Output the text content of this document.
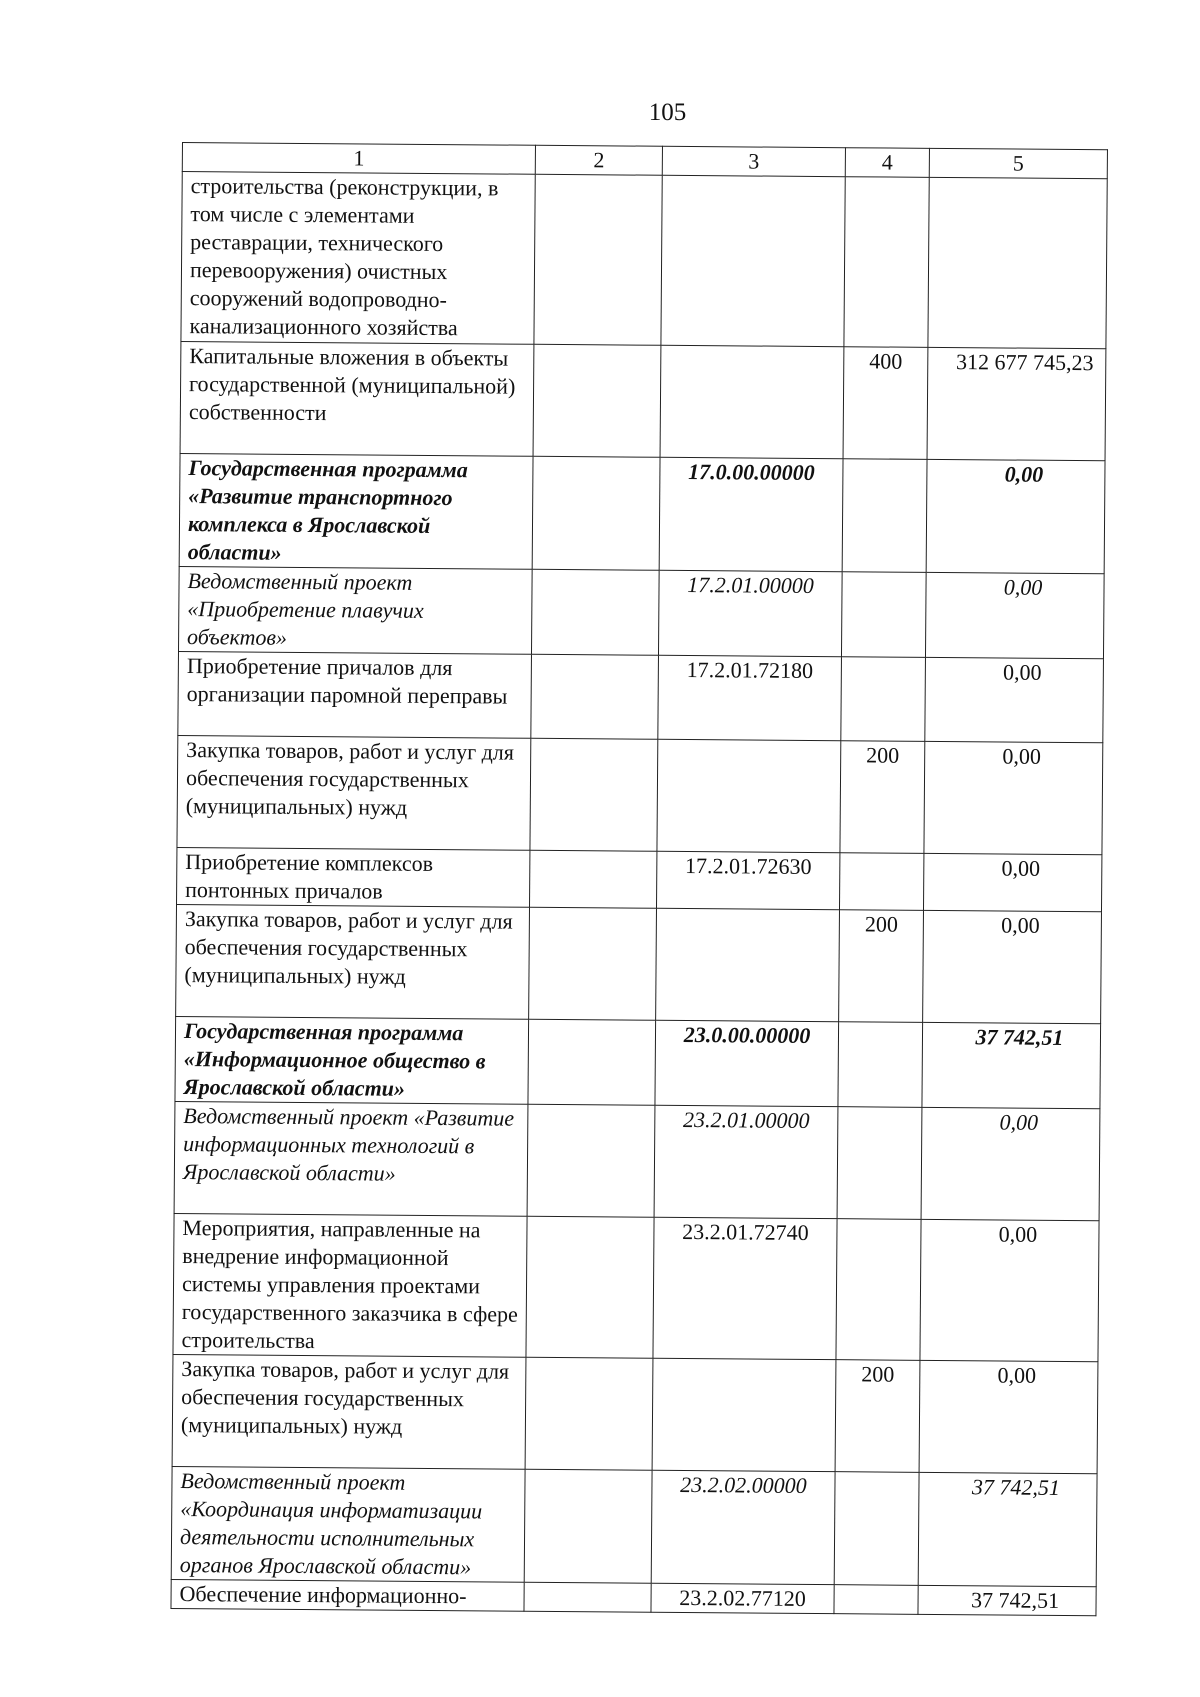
105
1	2	3	4	5
строительства (реконструкции, в том числе с элементами реставрации, технического перевооружения) очистных сооружений водопроводно-канализационного хозяйства				
Капитальные вложения в объекты государственной (муниципальной) собственности			400	312 677 745,23
Государственная программа «Развитие транспортного комплекса в Ярославской области»		17.0.00.00000		0,00
Ведомственный проект «Приобретение плавучих объектов»		17.2.01.00000		0,00
Приобретение причалов для организации паромной переправы		17.2.01.72180		0,00
Закупка товаров, работ и услуг для обеспечения государственных (муниципальных) нужд			200	0,00
Приобретение комплексов понтонных причалов		17.2.01.72630		0,00
Закупка товаров, работ и услуг для обеспечения государственных (муниципальных) нужд			200	0,00
Государственная программа «Информационное общество в Ярославской области»		23.0.00.00000		37 742,51
Ведомственный проект «Развитие информационных технологий в Ярославской области»		23.2.01.00000		0,00
Мероприятия, направленные на внедрение информационной системы управления проектами государственного заказчика в сфере строительства		23.2.01.72740		0,00
Закупка товаров, работ и услуг для обеспечения государственных (муниципальных) нужд			200	0,00
Ведомственный проект «Координация информатизации деятельности исполнительных органов Ярославской области»		23.2.02.00000		37 742,51
Обеспечение информационно-		23.2.02.77120		37 742,51
